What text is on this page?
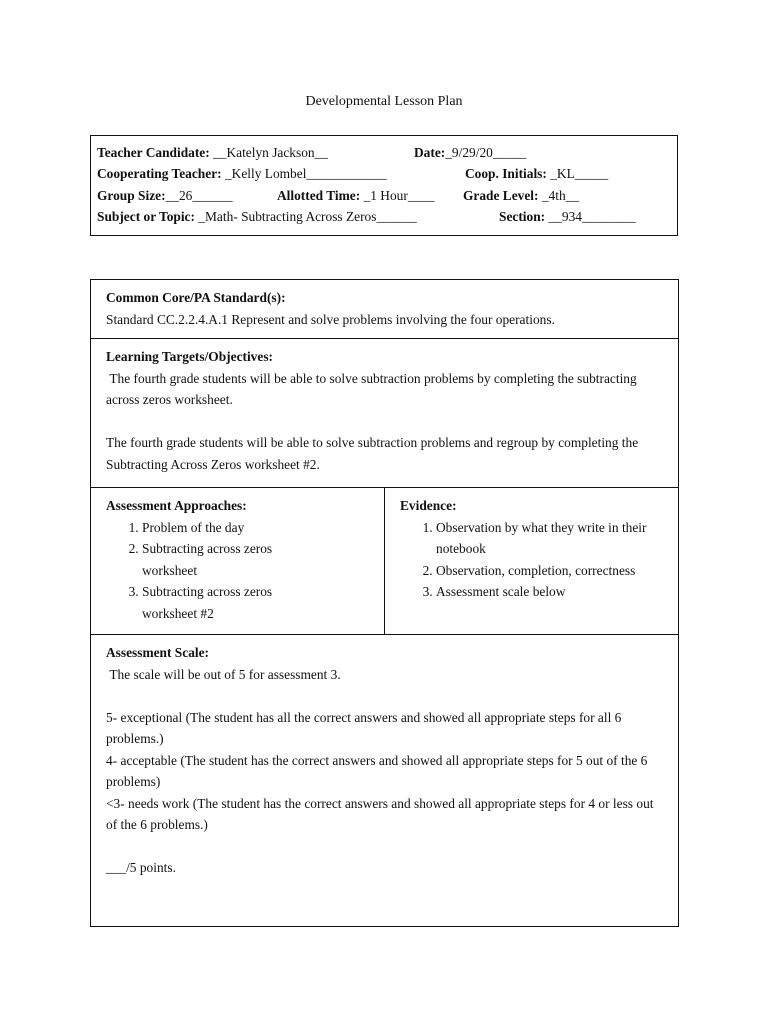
Developmental Lesson Plan
Teacher Candidate: __Katelyn Jackson__	Date:_9/29/20_____
Cooperating Teacher: _Kelly Lombel____________	Coop. Initials: _KL_____
Group Size:__26______	Allotted Time: _1 Hour____ Grade Level: _4th__
Subject or Topic: _Math- Subtracting Across Zeros______	Section: __934________
Common Core/PA Standard(s):

Standard CC.2.2.4.A.1 Represent and solve problems involving the four operations.

Learning Targets/Objectives:

The fourth grade students will be able to solve subtraction problems by completing the subtracting across zeros worksheet.

The fourth grade students will be able to solve subtraction problems and regroup by completing the Subtracting Across Zeros worksheet #2.

Assessment Approaches:
1. Problem of the day
2. Subtracting across zeros worksheet
3. Subtracting across zeros worksheet #2

Evidence:
1. Observation by what they write in their notebook
2. Observation, completion, correctness
3. Assessment scale below

Assessment Scale:

The scale will be out of 5 for assessment 3.

5- exceptional (The student has all the correct answers and showed all appropriate steps for all 6 problems.)

4- acceptable (The student has the correct answers and showed all appropriate steps for 5 out of the 6 problems)

<3- needs work (The student has the correct answers and showed all appropriate steps for 4 or less out of the 6 problems.)

___/5 points.
